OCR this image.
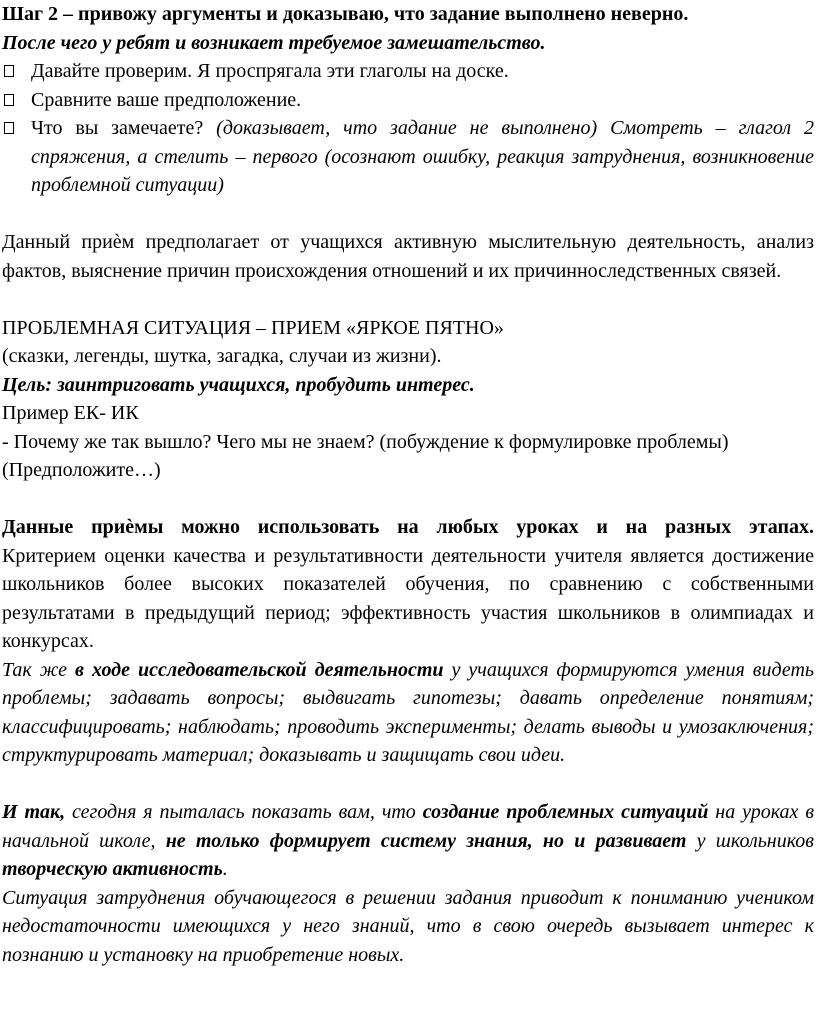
Шаг 2 – привожу аргументы и доказываю, что задание выполнено неверно.

После чего у ребят и возникает требуемое замешательство.

Давайте проверим. Я проспрягала эти глаголы на доске.

Сравните ваше предположение.

Что вы замечаете? (доказывает, что задание не выполнено) Смотреть – глагол 2 спряжения, а стелить – первого (осознают ошибку, реакция затруднения, возникновение проблемной ситуации)

Данный приѐм предполагает от учащихся активную мыслительную деятельность, анализ фактов, выяснение причин происхождения отношений и их причинноследственных связей.

ПРОБЛЕМНАЯ СИТУАЦИЯ – ПРИЕМ «ЯРКОЕ ПЯТНО»

(сказки, легенды, шутка, загадка, случаи из жизни).

Цель: заинтриговать учащихся, пробудить интерес.

Пример ЕК- ИК

- Почему же так вышло? Чего мы не знаем? (побуждение к формулировке проблемы)

(Предположите…)

Данные приѐмы можно использовать на любых уроках и на разных этапах. Критерием оценки качества и результативности деятельности учителя является достижение школьников более высоких показателей обучения, по сравнению с собственными результатами в предыдущий период; эффективность участия школьников в олимпиадах и конкурсах.

Так же в ходе исследовательской деятельности у учащихся формируются умения видеть проблемы; задавать вопросы; выдвигать гипотезы; давать определение понятиям; классифицировать; наблюдать; проводить эксперименты; делать выводы и умозаключения; структурировать материал; доказывать и защищать свои идеи.

И так, сегодня я пыталась показать вам, что создание проблемных ситуаций на уроках в начальной школе, не только формирует систему знания, но и развивает у школьников творческую активность.

Ситуация затруднения обучающегося в решении задания приводит к пониманию учеником недостаточности имеющихся у него знаний, что в свою очередь вызывает интерес к познанию и установку на приобретение новых.
